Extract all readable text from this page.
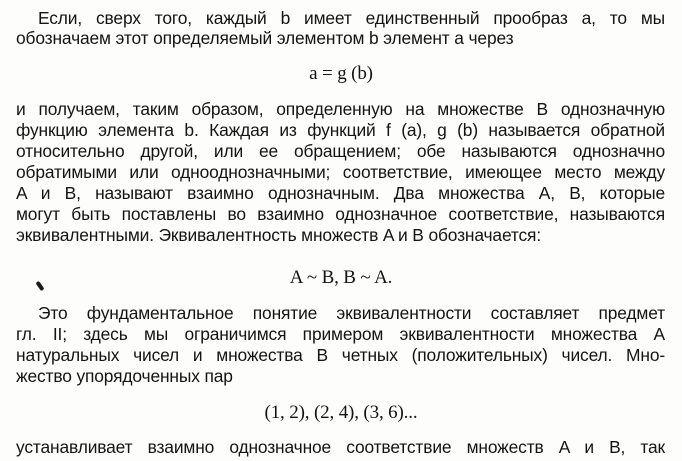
Если, сверх того, каждый b имеет единственный прообраз a, то мы
обозначаем этот определяемый элементом b элемент a через
a = g (b)
и получаем, таким образом, определенную на множестве B однозначную
функцию элемента b. Каждая из функций f (a), g (b) называется обратной
относительно другой, или ее обращением; обе называются однозначно
обратимыми или однооднозначными; соответствие, имеющее место между
A и B, называют взаимно однозначным. Два множества A, B, которые
могут быть поставлены во взаимно однозначное соответствие, называются
эквивалентными. Эквивалентность множеств A и B обозначается:
A ~ B, B ~ A.
Это фундаментальное понятие эквивалентности составляет предмет
гл. II; здесь мы ограничимся примером эквивалентности множества A
натуральных чисел и множества B четных (положительных) чисел. Мно-
жество упорядоченных пар
(1, 2), (2, 4), (3, 6)...
устанавливает взаимно однозначное соответствие множеств A и B, так
